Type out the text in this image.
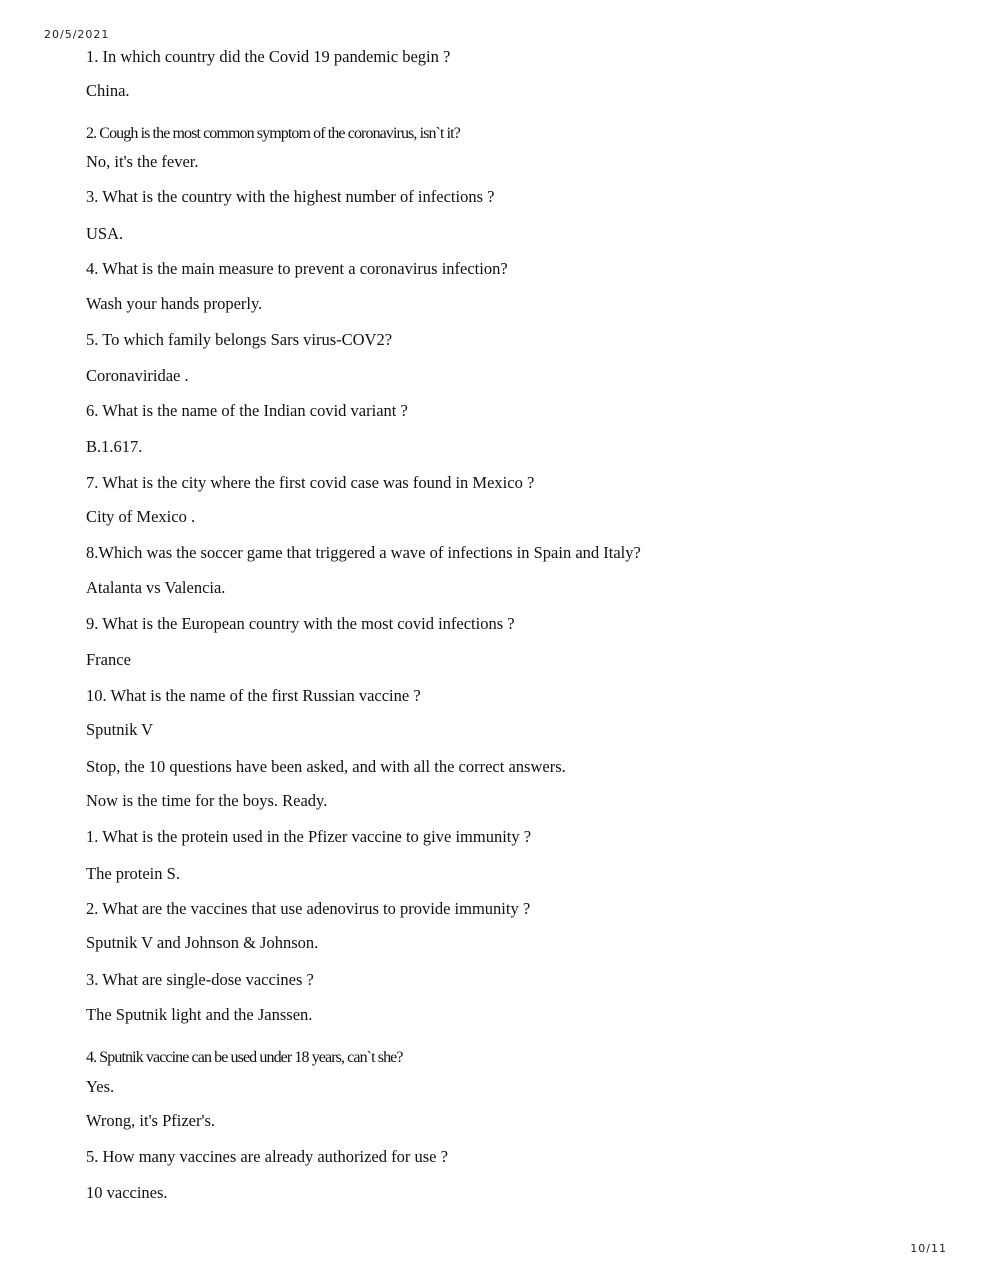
20/5/2021
1. In which country did the Covid 19 pandemic begin ?
China.
2. Cough is the most common symptom of the coronavirus, isn`t it?
No, it's the fever.
3. What is the country with the highest number of infections ?
USA.
4. What is the main measure to prevent a coronavirus infection?
Wash your hands properly.
5. To which family belongs Sars virus-COV2?
Coronaviridae .
6. What is the name of the Indian covid variant ?
B.1.617.
7. What is the city where the first covid case was found in Mexico ?
City of Mexico .
8.Which was the soccer game that triggered a wave of infections in Spain and Italy?
Atalanta vs Valencia.
9. What is the European country with the most covid infections ?
France
10. What is the name of the first Russian vaccine ?
Sputnik V
Stop, the 10 questions have been asked, and with all the correct answers.
Now is the time for the boys. Ready.
1. What is the protein used in the Pfizer vaccine to give immunity ?
The protein S.
2. What are the vaccines that use adenovirus to provide immunity ?
Sputnik V and Johnson & Johnson.
3. What are single-dose vaccines ?
The Sputnik light and the Janssen.
4. Sputnik vaccine can be used under 18 years, can`t she?
Yes.
Wrong, it's Pfizer's.
5. How many vaccines are already authorized for use ?
10 vaccines.
10/11
